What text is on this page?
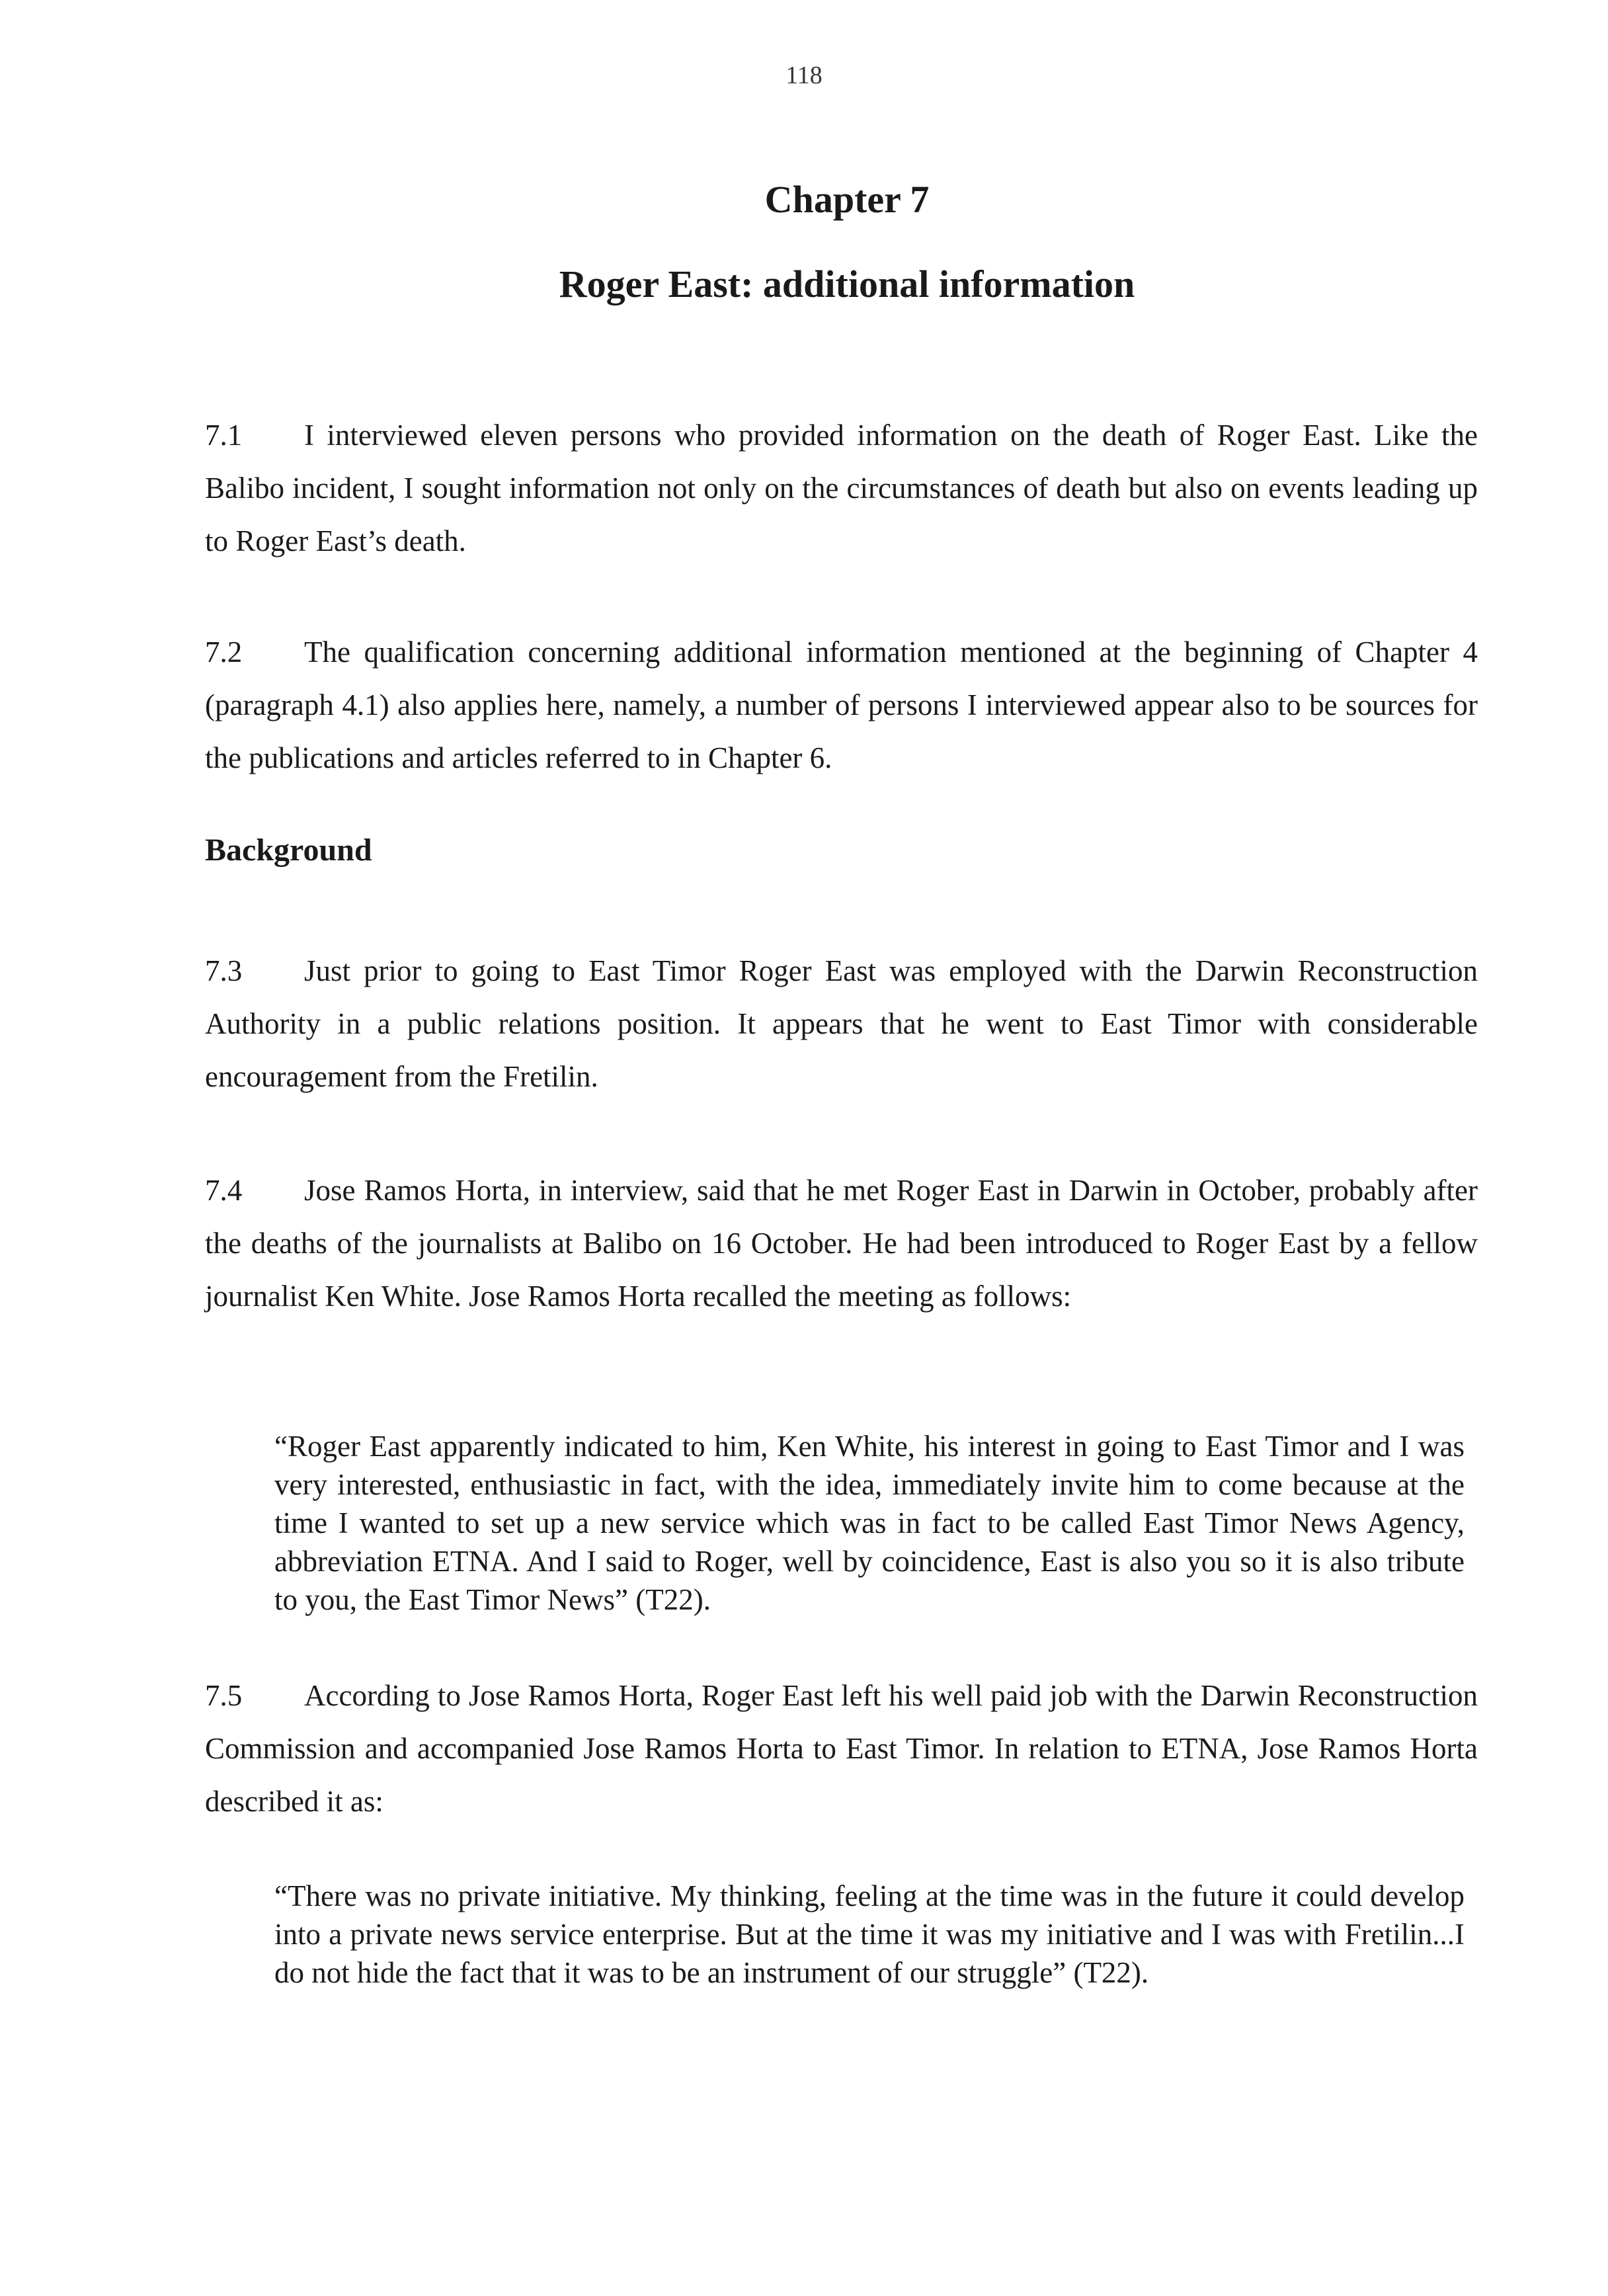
118
Chapter 7
Roger East: additional information
7.1 I interviewed eleven persons who provided information on the death of Roger East. Like the Balibo incident, I sought information not only on the circumstances of death but also on events leading up to Roger East’s death.
7.2 The qualification concerning additional information mentioned at the beginning of Chapter 4 (paragraph 4.1) also applies here, namely, a number of persons I interviewed appear also to be sources for the publications and articles referred to in Chapter 6.
Background
7.3 Just prior to going to East Timor Roger East was employed with the Darwin Reconstruction Authority in a public relations position. It appears that he went to East Timor with considerable encouragement from the Fretilin.
7.4 Jose Ramos Horta, in interview, said that he met Roger East in Darwin in October, probably after the deaths of the journalists at Balibo on 16 October. He had been introduced to Roger East by a fellow journalist Ken White. Jose Ramos Horta recalled the meeting as follows:
“Roger East apparently indicated to him, Ken White, his interest in going to East Timor and I was very interested, enthusiastic in fact, with the idea, immediately invite him to come because at the time I wanted to set up a new service which was in fact to be called East Timor News Agency, abbreviation ETNA. And I said to Roger, well by coincidence, East is also you so it is also tribute to you, the East Timor News” (T22).
7.5 According to Jose Ramos Horta, Roger East left his well paid job with the Darwin Reconstruction Commission and accompanied Jose Ramos Horta to East Timor. In relation to ETNA, Jose Ramos Horta described it as:
“There was no private initiative. My thinking, feeling at the time was in the future it could develop into a private news service enterprise. But at the time it was my initiative and I was with Fretilin...I do not hide the fact that it was to be an instrument of our struggle” (T22).
